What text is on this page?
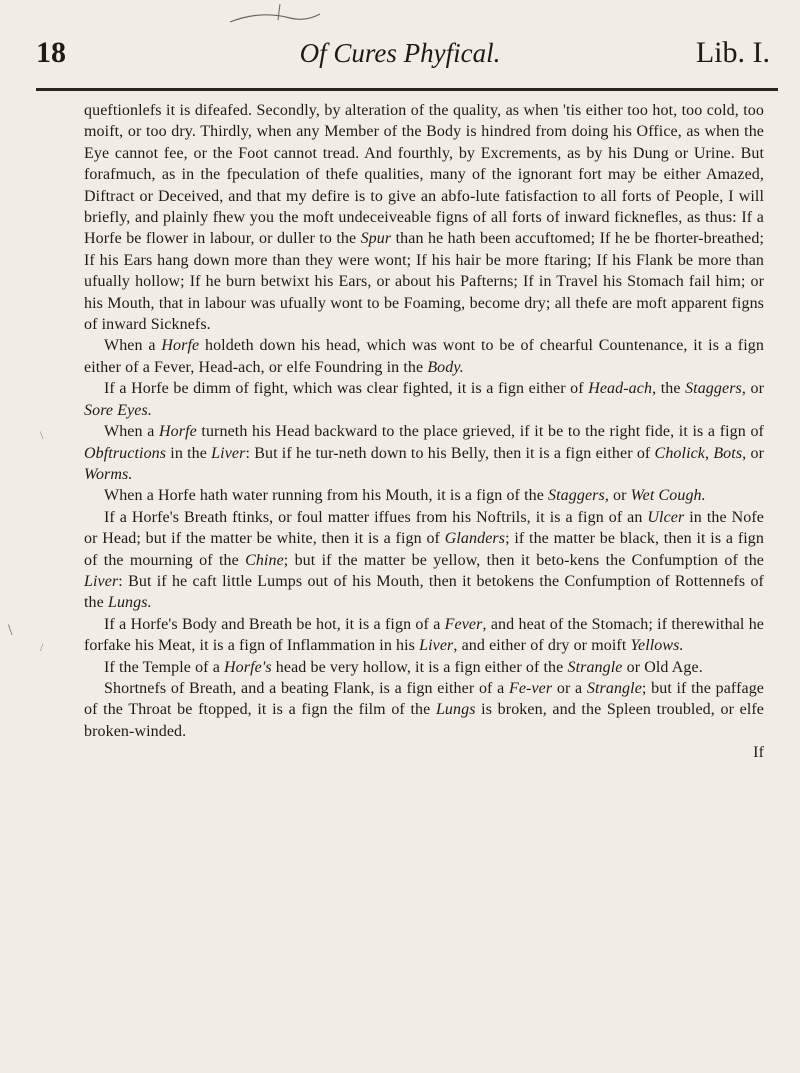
18	Of Cures Phyfical.	Lib. I.
\
\
/

queftionlefs it is difeafed. Secondly, by alteration of the quality, as when 'tis either too hot, too cold, too moift, or too dry. Thirdly, when any Member of the Body is hindred from doing his Office, as when the Eye cannot fee, or the Foot cannot tread. And fourthly, by Excrements, as by his Dung or Urine. But forafmuch, as in the fpeculation of thefe qualities, many of the ignorant fort may be either Amazed, Diftract or Deceived, and that my defire is to give an abfo-lute fatisfaction to all forts of People, I will briefly, and plainly fhew you the moft undeceiveable figns of all forts of inward ficknefles, as thus: If a Horfe be flower in labour, or duller to the Spur than he hath been accuftomed; If he be fhorter-breathed; If his Ears hang down more than they were wont; If his hair be more ftaring; If his Flank be more than ufually hollow; If he burn betwixt his Ears, or about his Pafterns; If in Travel his Stomach fail him; or his Mouth, that in labour was ufually wont to be Foaming, become dry; all thefe are moft apparent figns of inward Sicknefs.

When a Horfe holdeth down his head, which was wont to be of chearful Countenance, it is a fign either of a Fever, Head-ach, or elfe Foundring in the Body.

If a Horfe be dimm of fight, which was clear fighted, it is a fign either of Head-ach, the Staggers, or Sore Eyes.

When a Horfe turneth his Head backward to the place grieved, if it be to the right fide, it is a fign of Obftructions in the Liver: But if he tur-neth down to his Belly, then it is a fign either of Cholick, Bots, or Worms.

When a Horfe hath water running from his Mouth, it is a fign of the Staggers, or Wet Cough.

If a Horfe's Breath ftinks, or foul matter iffues from his Noftrils, it is a fign of an Ulcer in the Nofe or Head; but if the matter be white, then it is a fign of Glanders; if the matter be black, then it is a fign of the mourning of the Chine; but if the matter be yellow, then it beto-kens the Confumption of the Liver: But if he caft little Lumps out of his Mouth, then it betokens the Confumption of Rottennefs of the Lungs.

If a Horfe's Body and Breath be hot, it is a fign of a Fever, and heat of the Stomach; if therewithal he forfake his Meat, it is a fign of Inflammation in his Liver, and either of dry or moift Yellows.

If the Temple of a Horfe's head be very hollow, it is a fign either of the Strangle or Old Age.

Shortnefs of Breath, and a beating Flank, is a fign either of a Fe-ver or a Strangle; but if the paffage of the Throat be ftopped, it is a fign the film of the Lungs is broken, and the Spleen troubled, or elfe broken-winded.

If
